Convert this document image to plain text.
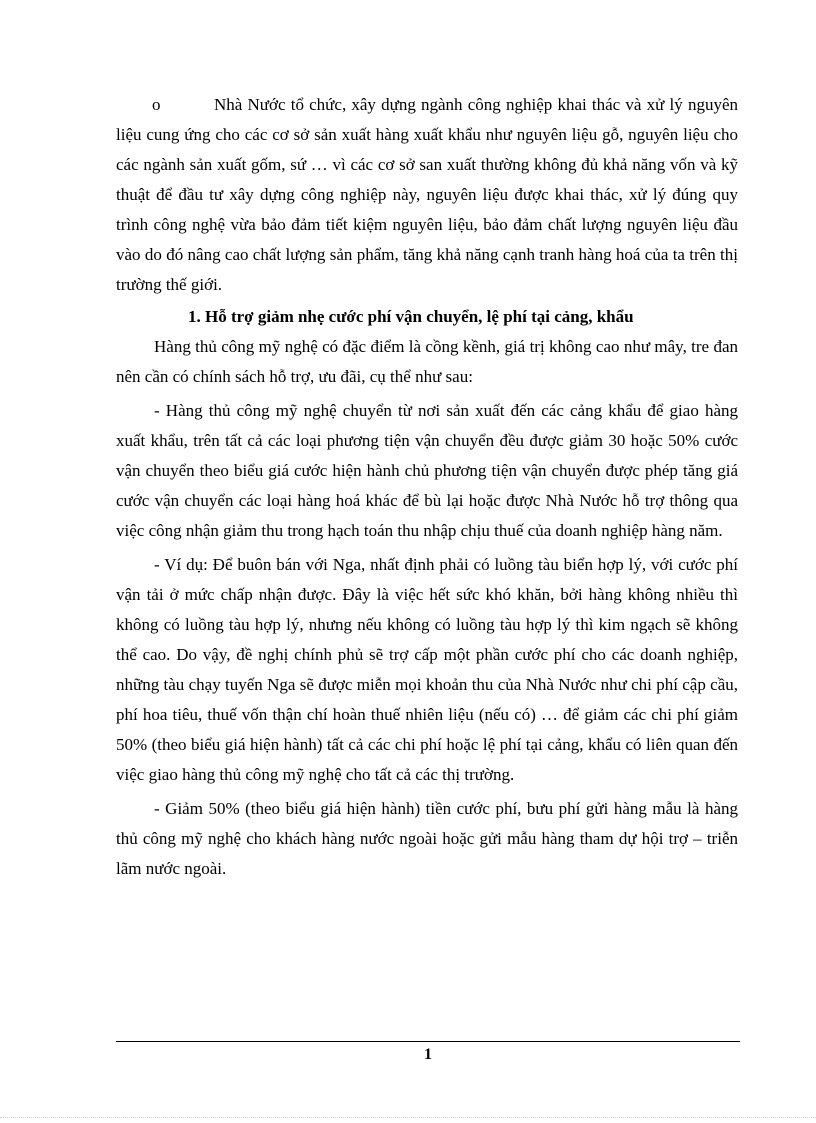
o	Nhà Nước tổ chức, xây dựng ngành công nghiệp khai thác và xử lý nguyên liệu cung ứng cho các cơ sở sản xuất hàng xuất khẩu như nguyên liệu gỗ, nguyên liệu cho các ngành sản xuất gốm, sứ … vì các cơ sở san xuất thường không đủ khả năng vốn và kỹ thuật để đầu tư xây dựng công nghiệp này, nguyên liệu được khai thác, xử lý đúng quy trình công nghệ vừa bảo đảm tiết kiệm nguyên liệu, bảo đảm chất lượng nguyên liệu đầu vào do đó nâng cao chất lượng sản phẩm, tăng khả năng cạnh tranh hàng hoá của ta trên thị trường thế giới.

1. Hỗ trợ giảm nhẹ cước phí vận chuyển, lệ phí tại cảng, khẩu

Hàng thủ công mỹ nghệ có đặc điểm là cồng kềnh, giá trị không cao như mây, tre đan nên cần có chính sách hỗ trợ, ưu đãi, cụ thể như sau:

- Hàng thủ công mỹ nghệ chuyển từ nơi sản xuất đến các cảng khẩu để giao hàng xuất khẩu, trên tất cả các loại phương tiện vận chuyển đều được giảm 30 hoặc 50% cước vận chuyển theo biểu giá cước hiện hành chủ phương tiện vận chuyển được phép tăng giá cước vận chuyển các loại hàng hoá khác để bù lại hoặc được Nhà Nước hỗ trợ thông qua việc công nhận giảm thu trong hạch toán thu nhập chịu thuế của doanh nghiệp hàng năm.

- Ví dụ: Để buôn bán với Nga, nhất định phải có luồng tàu biển hợp lý, với cước phí vận tải ở mức chấp nhận được. Đây là việc hết sức khó khăn, bởi hàng không nhiều thì không có luồng tàu hợp lý, nhưng nếu không có luồng tàu hợp lý thì kim ngạch sẽ không thể cao. Do vậy, đề nghị chính phủ sẽ trợ cấp một phần cước phí cho các doanh nghiệp, những tàu chạy tuyến Nga sẽ được miễn mọi khoản thu của Nhà Nước như chi phí cập cầu, phí hoa tiêu, thuế vốn thận chí hoàn thuế nhiên liệu (nếu có) … để giảm các chi phí giảm 50% (theo biểu giá hiện hành) tất cả các chi phí hoặc lệ phí tại cảng, khẩu có liên quan đến việc giao hàng thủ công mỹ nghệ cho tất cả các thị trường.

- Giảm 50% (theo biểu giá hiện hành) tiền cước phí, bưu phí gửi hàng mẫu là hàng thủ công mỹ nghệ cho khách hàng nước ngoài hoặc gửi mẫu hàng tham dự hội trợ – triễn lãm nước ngoài.

1
